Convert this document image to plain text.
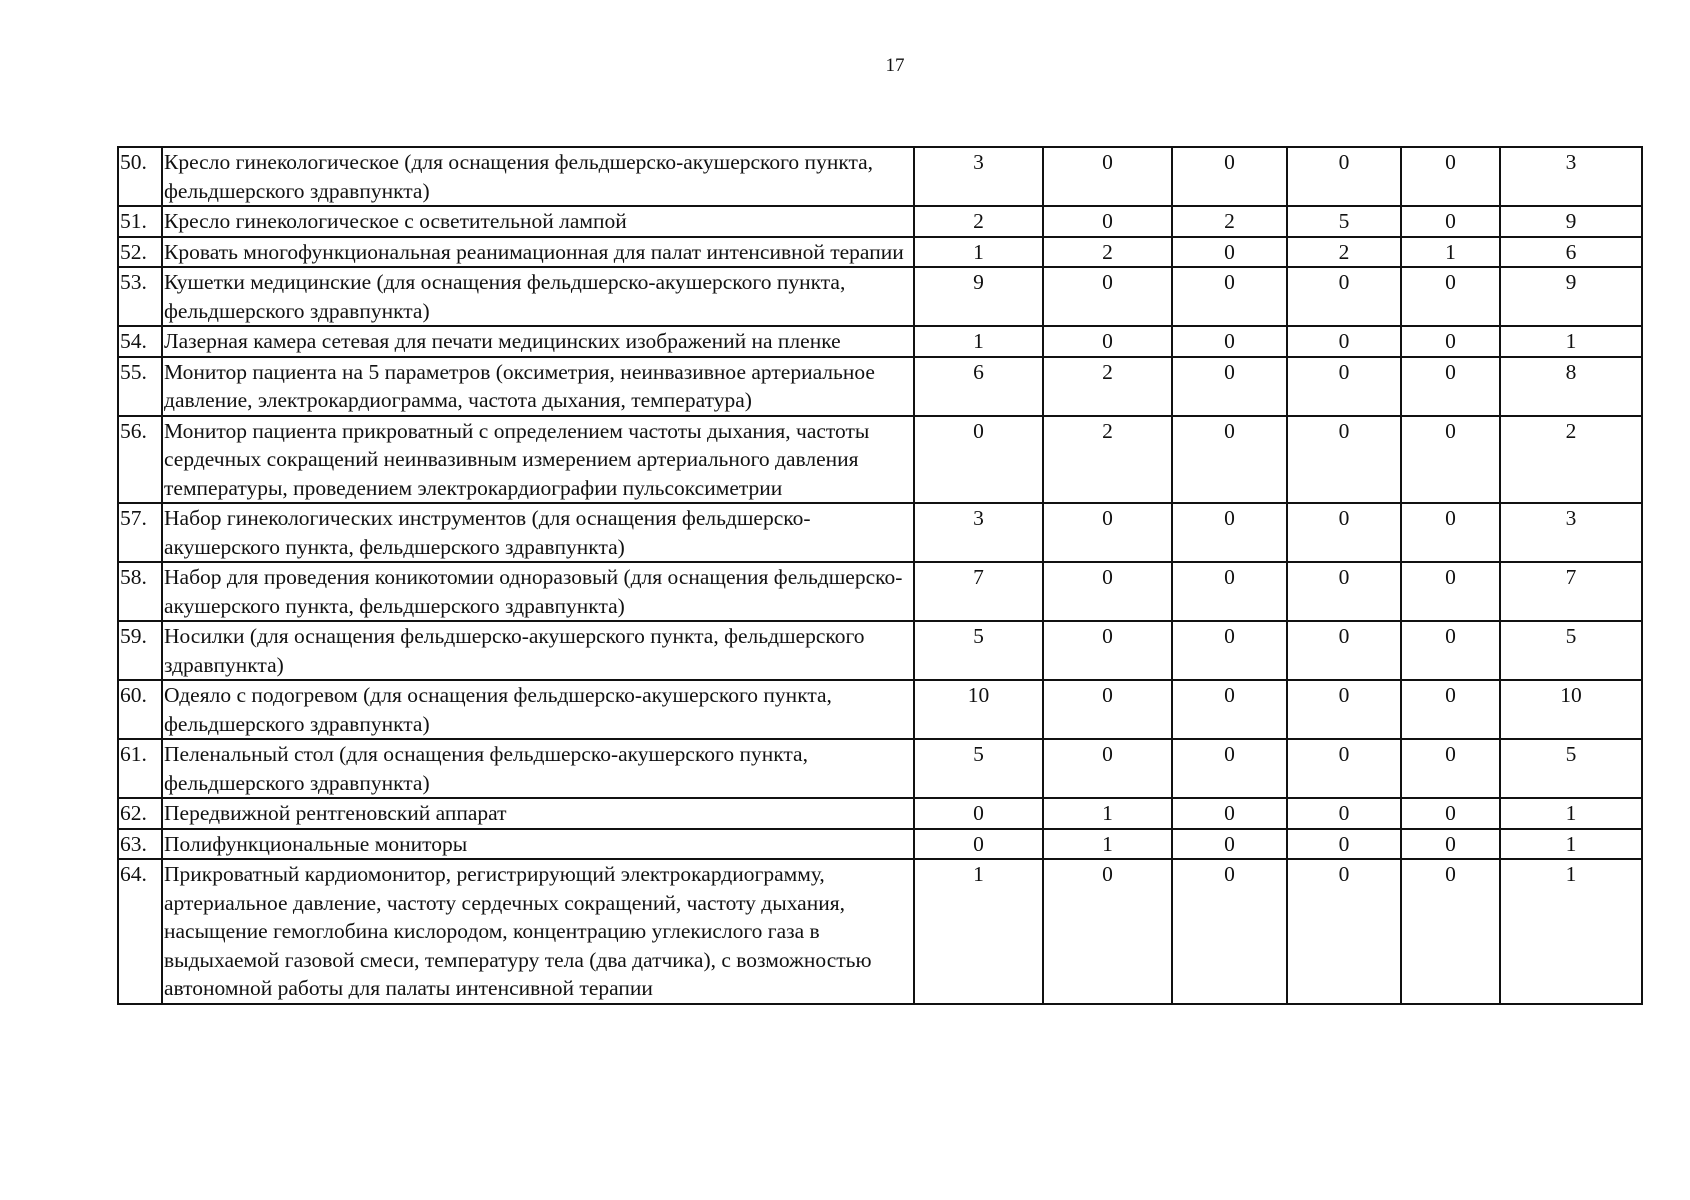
17
50.	Кресло гинекологическое (для оснащения фельдшерско-акушерского пункта, фельдшерского здравпункта)	3	0	0	0	0	3
51.	Кресло гинекологическое с осветительной лампой	2	0	2	5	0	9
52.	Кровать многофункциональная реанимационная для палат интенсивной терапии	1	2	0	2	1	6
53.	Кушетки медицинские (для оснащения фельдшерско-акушерского пункта, фельдшерского здравпункта)	9	0	0	0	0	9
54.	Лазерная камера сетевая для печати медицинских изображений на пленке	1	0	0	0	0	1
55.	Монитор пациента на 5 параметров (оксиметрия, неинвазивное артериальное давление, электрокардиограмма, частота дыхания, температура)	6	2	0	0	0	8
56.	Монитор пациента прикроватный с определением частоты дыхания, частоты сердечных сокращений неинвазивным измерением артериального давления температуры, проведением электрокардиографии пульсоксиметрии	0	2	0	0	0	2
57.	Набор гинекологических инструментов (для оснащения фельдшерско-акушерского пункта, фельдшерского здравпункта)	3	0	0	0	0	3
58.	Набор для проведения коникотомии одноразовый (для оснащения фельдшерско-акушерского пункта, фельдшерского здравпункта)	7	0	0	0	0	7
59.	Носилки (для оснащения фельдшерско-акушерского пункта, фельдшерского здравпункта)	5	0	0	0	0	5
60.	Одеяло с подогревом (для оснащения фельдшерско-акушерского пункта, фельдшерского здравпункта)	10	0	0	0	0	10
61.	Пеленальный стол (для оснащения фельдшерско-акушерского пункта, фельдшерского здравпункта)	5	0	0	0	0	5
62.	Передвижной рентгеновский аппарат	0	1	0	0	0	1
63.	Полифункциональные мониторы	0	1	0	0	0	1
64.	Прикроватный кардиомонитор, регистрирующий электрокардиограмму, артериальное давление, частоту сердечных сокращений, частоту дыхания, насыщение гемоглобина кислородом, концентрацию углекислого газа в выдыхаемой газовой смеси, температуру тела (два датчика), с возможностью автономной работы для палаты интенсивной терапии	1	0	0	0	0	1
